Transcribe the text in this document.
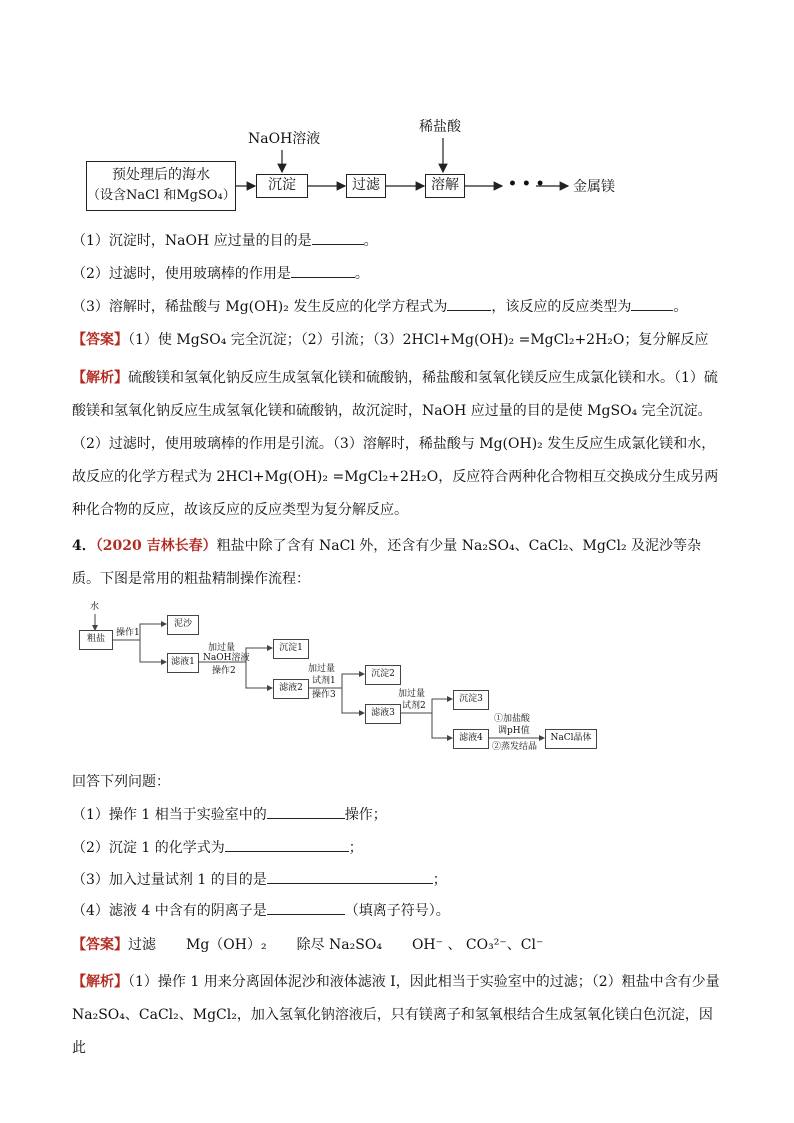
预处理后的海水
（设含NaCl 和MgSO₄）
沉淀	过滤	溶解
NaOH溶液
稀盐酸
• • • 金属镁
（1）沉淀时，NaOH 应过量的目的是	。
（2）过滤时，使用玻璃棒的作用是	。
（3）溶解时，稀盐酸与 Mg(OH)₂ 发生反应的化学方程式为	，该反应的反应类型为	。
【答案】（1）使 MgSO₄ 完全沉淀；（2）引流；（3）2HCl+Mg(OH)₂ =MgCl₂+2H₂O；复分解反应
【解析】硫酸镁和氢氧化钠反应生成氢氧化镁和硫酸钠，稀盐酸和氢氧化镁反应生成氯化镁和水。（1）硫酸镁和氢氧化钠反应生成氢氧化镁和硫酸钠，故沉淀时，NaOH 应过量的目的是使 MgSO₄ 完全沉淀。（2）过滤时，使用玻璃棒的作用是引流。（3）溶解时，稀盐酸与 Mg(OH)₂ 发生反应生成氯化镁和水，故反应的化学方程式为 2HCl+Mg(OH)₂ =MgCl₂+2H₂O，反应符合两种化合物相互交换成分生成另两种化合物的反应，故该反应的反应类型为复分解反应。
4．（2020 吉林长春）粗盐中除了含有 NaCl 外，还含有少量 Na₂SO₄、CaCl₂、MgCl₂ 及泥沙等杂质。下图是常用的粗盐精制操作流程：
水
粗盐
操作1
泥沙
滤液1
加过量
NaOH溶液
操作2
沉淀1
滤液2
加过量
试剂1
操作3
沉淀2
滤液3
加过量
试剂2
沉淀3
滤液4
①加盐酸
调pH值
②蒸发结晶
NaCl晶体
回答下列问题：
（1）操作 1 相当于实验室中的	操作；
（2）沉淀 1 的化学式为	；
（3）加入过量试剂 1 的目的是	；
（4）滤液 4 中含有的阴离子是	（填离子符号）。
【答案】过滤 Mg（OH）₂ 除尽 Na₂SO₄ OH⁻ 、 CO₃²⁻、Cl⁻
【解析】（1）操作 1 用来分离固体泥沙和液体滤液 I，因此相当于实验室中的过滤；（2）粗盐中含有少量 Na₂SO₄、CaCl₂、MgCl₂，加入氢氧化钠溶液后，只有镁离子和氢氧根结合生成氢氧化镁白色沉淀，因此
